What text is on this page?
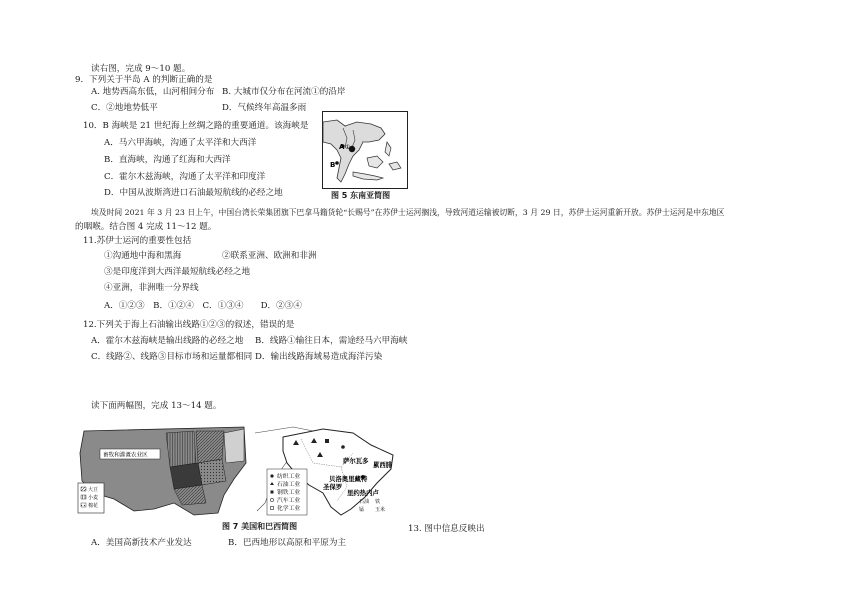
读右图，完成 9～10 题。
9．下列关于半岛 A 的判断正确的是
A. 地势西高东低，山河相间分布 B. 大城市仅分布在河流①的沿岸
C．②地地势低平	D．气候终年高温多雨
10．B 海峡是 21 世纪海上丝绸之路的重要通道。该海峡是
A．马六甲海峡，沟通了太平洋和大西洋
B．直海峡，沟通了红海和大西洋
C．霍尔木兹海峡，沟通了太平洋和印度洋
D．中国从波斯湾进口石油最短航线的必经之地
A ①
B
图 5 东南亚简图
埃及时间 2021 年 3 月 23 日上午，中国台湾长荣集团旗下巴拿马籍货轮“长赐号”在苏伊士运河搁浅，导致河道运输被切断，3 月 29 日，苏伊士运河重新开放。苏伊士运河是中东地区
的咽喉。结合图 4 完成 11～12 题。
11.苏伊士运河的重要性包括
①沟通地中海和黑海	②联系亚洲、欧洲和非洲
③是印度洋到大西洋最短航线必经之地
④亚洲，非洲唯一分界线
A．①②③　B．①②④　C．①③④　　D．②③④
12.下列关于海上石油输出线路①②③的叙述，错误的是
A．霍尔木兹海峡是输出线路的必经之地 B．线路①输往日本，需途经马六甲海峡
C．线路②、线路③目标市场和运量都相同 D．输出线路海域易造成海洋污染
读下面两幅图，完成 13～14 题。
畜牧和灌溉农业区
大豆
小麦
棉花
纺织工业
石油工业
钢铁工业
汽车工业
化学工业
萨尔瓦多 累西腓
贝洛奥里藏特
圣保罗
里约热内卢
石油 铁
锰 玉米
图 7 美国和巴西简图	13. 图中信息反映出
A．美国高新技术产业发达	B．巴西地形以高原和平原为主
